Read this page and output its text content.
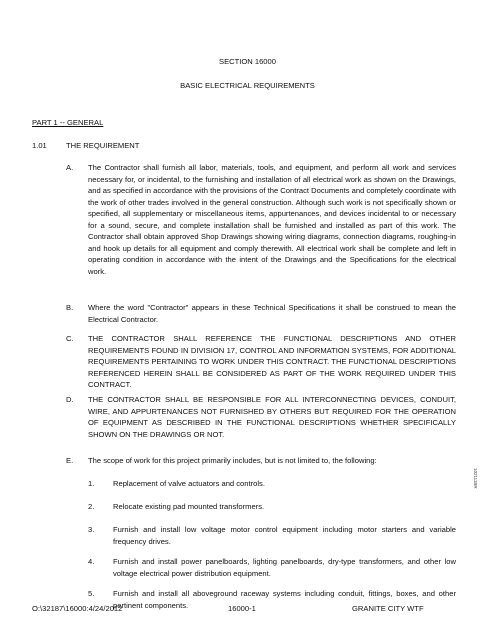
SECTION 16000
BASIC ELECTRICAL REQUIREMENTS
PART 1 -- GENERAL
1.01	THE REQUIREMENT
A. The Contractor shall furnish all labor, materials, tools, and equipment, and perform all work and services necessary for, or incidental, to the furnishing and installation of all electrical work as shown on the Drawings, and as specified in accordance with the provisions of the Contract Documents and completely coordinate with the work of other trades involved in the general construction. Although such work is not specifically shown or specified, all supplementary or miscellaneous items, appurtenances, and devices incidental to or necessary for a sound, secure, and complete installation shall be furnished and installed as part of this work. The Contractor shall obtain approved Shop Drawings showing wiring diagrams, connection diagrams, roughing-in and hook up details for all equipment and comply therewith. All electrical work shall be complete and left in operating condition in accordance with the intent of the Drawings and the Specifications for the electrical work.
B. Where the word "Contractor" appears in these Technical Specifications it shall be construed to mean the Electrical Contractor.
C. THE CONTRACTOR SHALL REFERENCE THE FUNCTIONAL DESCRIPTIONS AND OTHER REQUIREMENTS FOUND IN DIVISION 17, CONTROL AND INFORMATION SYSTEMS, FOR ADDITIONAL REQUIREMENTS PERTAINING TO WORK UNDER THIS CONTRACT. THE FUNCTIONAL DESCRIPTIONS REFERENCED HEREIN SHALL BE CONSIDERED AS PART OF THE WORK REQUIRED UNDER THIS CONTRACT.
D. THE CONTRACTOR SHALL BE RESPONSIBLE FOR ALL INTERCONNECTING DEVICES, CONDUIT, WIRE, AND APPURTENANCES NOT FURNISHED BY OTHERS BUT REQUIRED FOR THE OPERATION OF EQUIPMENT AS DESCRIBED IN THE FUNCTIONAL DESCRIPTIONS WHETHER SPECIFICALLY SHOWN ON THE DRAWINGS OR NOT.
E. The scope of work for this project primarily includes, but is not limited to, the following:
1. Replacement of valve actuators and controls.
2. Relocate existing pad mounted transformers.
3. Furnish and install low voltage motor control equipment including motor starters and variable frequency drives.
4. Furnish and install power panelboards, lighting panelboards, dry-type transformers, and other low voltage electrical power distribution equipment.
5. Furnish and install all aboveground raceway systems including conduit, fittings, boxes, and other pertinent components.
102111BR
O:\32187\16000:4/24/2012	16000-1	GRANITE CITY WTF
